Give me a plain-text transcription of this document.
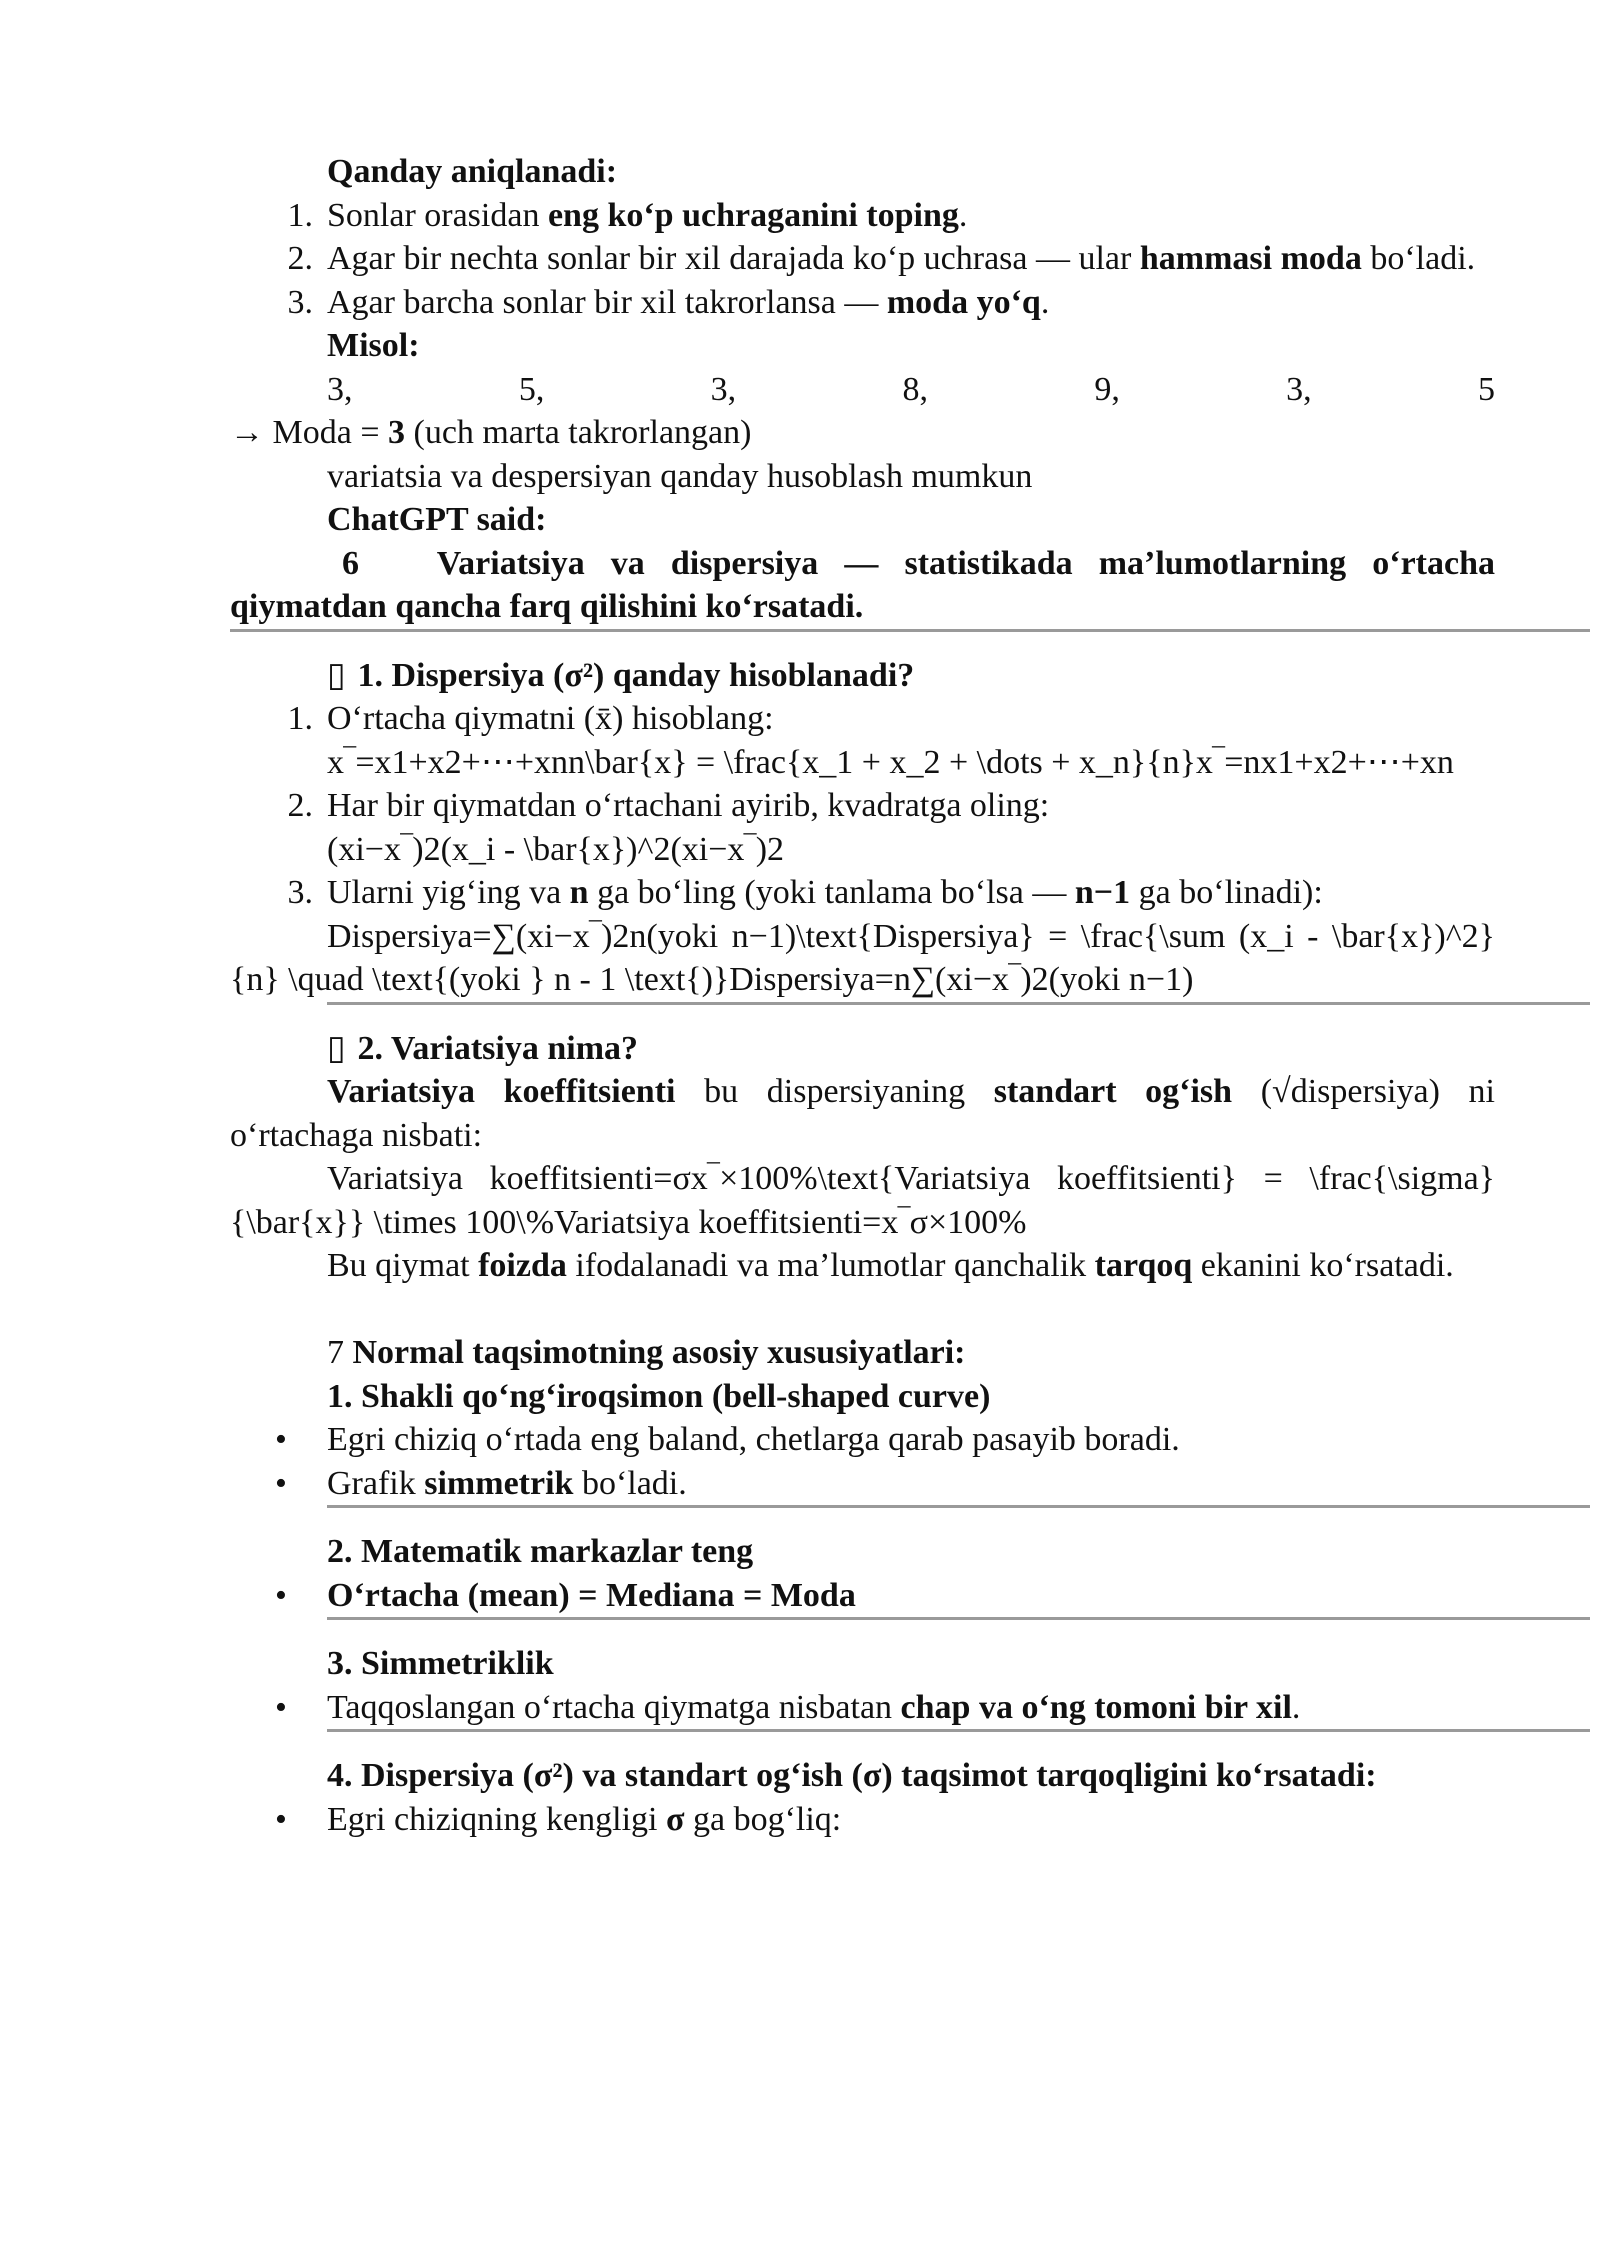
Qanday aniqlanadi:
1. Sonlar orasidan eng ko‘p uchraganini toping.
2. Agar bir nechta sonlar bir xil darajada ko‘p uchrasa — ular hammasi moda bo‘ladi.
3. Agar barcha sonlar bir xil takrorlansa — moda yo‘q.
Misol:
3,	5,	3,	8,	9,	3,	5
→ Moda = 3 (uch marta takrorlangan)
variatsia va despersiyan qanday husoblash mumkun
ChatGPT said:
6 Variatsiya va dispersiya — statistikada ma’lumotlarning o‘rtacha qiymatdan qancha farq qilishini ko‘rsatadi.
▯ 1. Dispersiya (σ²) qanday hisoblanadi?
1. O‘rtacha qiymatni (x̄) hisoblang:
x‾=x1+x2+⋯+xnn\bar{x} = \frac{x_1 + x_2 + \dots + x_n}{n}x‾=nx1+x2+⋯+xn
2. Har bir qiymatdan o‘rtachani ayirib, kvadratga oling:
(xi−x‾)2(x_i - \bar{x})^2(xi−x‾)2
3. Ularni yig‘ing va n ga bo‘ling (yoki tanlama bo‘lsa — n−1 ga bo‘linadi):
Dispersiya=∑(xi−x‾)2n(yoki n−1)\text{Dispersiya} = \frac{\sum (x_i - \bar{x})^2}{n} \quad \text{(yoki } n - 1 \text{)}Dispersiya=n∑(xi−x‾)2(yoki n−1)
▯ 2. Variatsiya nima?
Variatsiya koeffitsienti bu dispersiyaning standart og‘ish (√dispersiya) ni o‘rtachaga nisbati:
Variatsiya koeffitsienti=σx‾×100%\text{Variatsiya koeffitsienti} = \frac{\sigma}{\bar{x}} \times 100\%Variatsiya koeffitsienti=x‾σ×100%
Bu qiymat foizda ifodalanadi va ma’lumotlar qanchalik tarqoq ekanini ko‘rsatadi.
7 Normal taqsimotning asosiy xususiyatlari:
1. Shakli qo‘ng‘iroqsimon (bell-shaped curve)
•	Egri chiziq o‘rtada eng baland, chetlarga qarab pasayib boradi.
•	Grafik simmetrik bo‘ladi.
2. Matematik markazlar teng
•	O‘rtacha (mean) = Mediana = Moda
3. Simmetriklik
•	Taqqoslangan o‘rtacha qiymatga nisbatan chap va o‘ng tomoni bir xil.
4. Dispersiya (σ²) va standart og‘ish (σ) taqsimot tarqoqligini ko‘rsatadi:
•	Egri chiziqning kengligi σ ga bog‘liq:
